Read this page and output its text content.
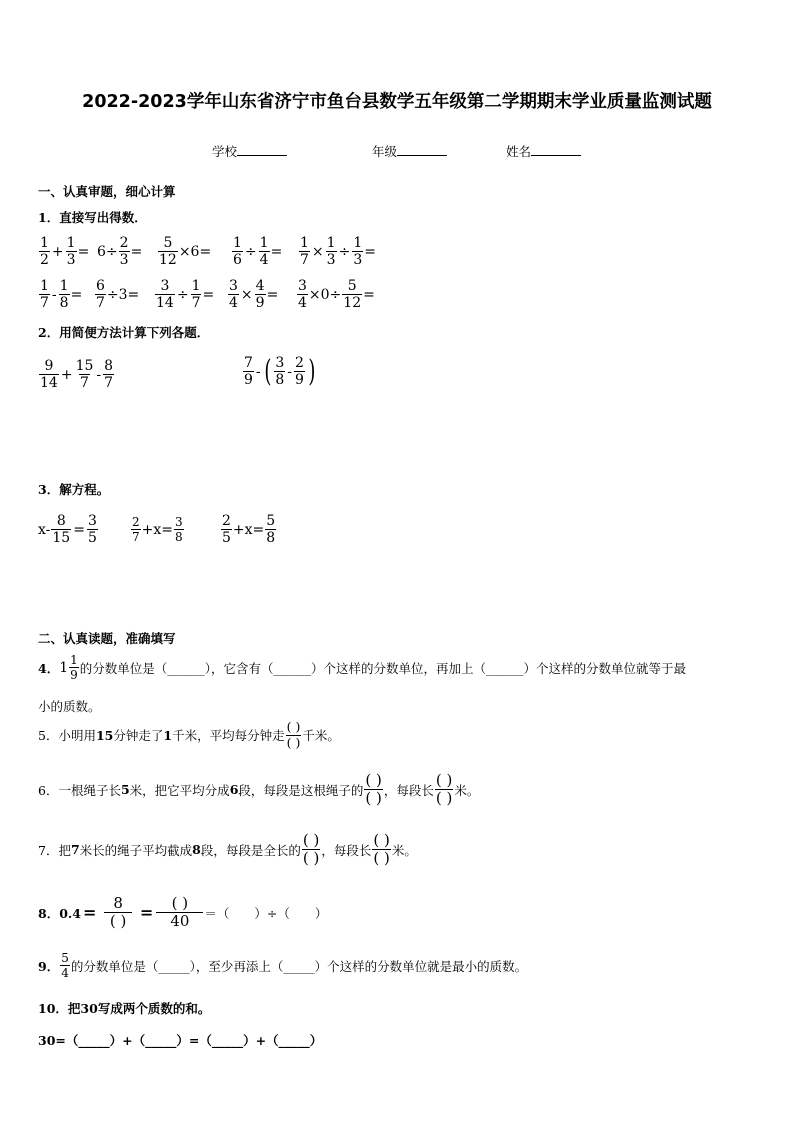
2022-2023学年山东省济宁市鱼台县数学五年级第二学期期末学业质量监测试题
学校	年级	姓名
一、认真审题，细心计算
1．直接写出得数．
$\frac{1}{2} + \frac{1}{3} = 6\div \frac{2}{3} = \frac{5}{12} \times 6= \frac{1}{6} \div \frac{1}{4} = \frac{1}{7} \times \frac{1}{3} \div \frac{1}{3}$ =
$\frac{1}{7} - \frac{1}{8} = \frac{6}{7} \div 3= \frac{3}{14} \div \frac{1}{7} = \frac{3}{4} \times \frac{4}{9} = \frac{3}{4} \times 0\div \frac{5}{12}$ =
2．用简便方法计算下列各题．
$\frac{9}{14} + \frac{15}{7} - \frac{8}{7}$	$\frac{7}{9}$ - ( $\frac{3}{8} - \frac{2}{9}$ )
3．解方程。
$x- \frac{8}{15} = \frac{3}{5}$	$\frac{2}{7} +x= \frac{3}{8}$	$\frac{2}{5} +x= \frac{5}{8}$
二、认真读题，准确填写
4． $1 \frac{1}{9}$ 的分数单位是（______），它含有（______）个这样的分数单位，再加上（______）个这样的分数单位就等于最
小的质数。
5．小明用 15 分钟走了 1 千米，平均每分钟走 $\frac{( )}{( )}$ 千米。
6．一根绳子长 5 米，把它平均分成 6 段，每段是这根绳子的 $\frac{( )}{( )}$ ，每段长 $\frac{( )}{( )}$ 米。
7．把 7 米长的绳子平均截成 8 段，每段是全长的 $\frac{( )}{( )}$ ，每段长 $\frac{( )}{( )}$ 米。
8．$0.4 = \frac{8}{( )} = \frac{( )}{40}$ ＝（　　）÷（　　）
9． $\frac{5}{4}$ 的分数单位是（_____），至少再添上（_____）个这样的分数单位就是最小的质数。
10．把30写成两个质数的和。
30=（_____）+（_____）=（_____）+（_____）
